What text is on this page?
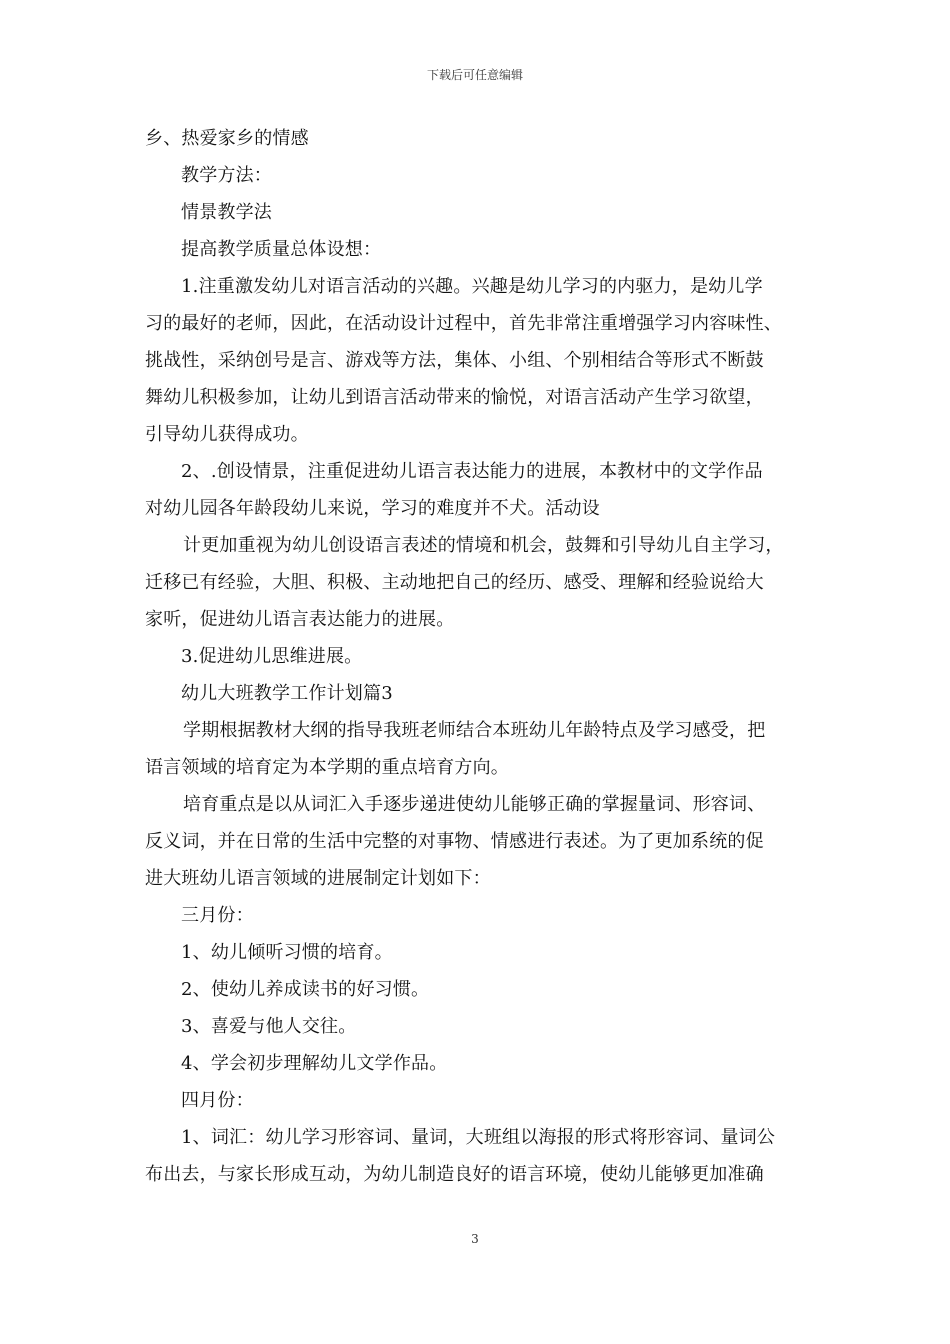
下载后可任意编辑
乡、热爱家乡的情感
教学方法：
情景教学法
提高教学质量总体设想：
1.注重激发幼儿对语言活动的兴趣。兴趣是幼儿学习的内驱力，是幼儿学
习的最好的老师，因此，在活动设计过程中，首先非常注重增强学习内容味性、
挑战性，采纳创号是言、游戏等方法，集体、小组、个别相结合等形式不断鼓
舞幼儿积极参加，让幼儿到语言活动带来的愉悦，对语言活动产生学习欲望，
引导幼儿获得成功。
2、.创设情景，注重促进幼儿语言表达能力的进展，本教材中的文学作品
对幼儿园各年龄段幼儿来说，学习的难度并不犬。活动设
计更加重视为幼儿创设语言表述的情境和机会，鼓舞和引导幼儿自主学习，
迁移已有经验，大胆、积极、主动地把自己的经历、感受、理解和经验说给大
家听，促进幼儿语言表达能力的进展。
3.促进幼儿思维进展。
幼儿大班教学工作计划篇3
学期根据教材大纲的指导我班老师结合本班幼儿年龄特点及学习感受，把
语言领域的培育定为本学期的重点培育方向。
培育重点是以从词汇入手逐步递进使幼儿能够正确的掌握量词、形容词、
反义词，并在日常的生活中完整的对事物、情感进行表述。为了更加系统的促
进大班幼儿语言领域的进展制定计划如下：
三月份：
1、幼儿倾听习惯的培育。
2、使幼儿养成读书的好习惯。
3、喜爱与他人交往。
4、学会初步理解幼儿文学作品。
四月份：
1、词汇：幼儿学习形容词、量词，大班组以海报的形式将形容词、量词公
布出去，与家长形成互动，为幼儿制造良好的语言环境，使幼儿能够更加准确
3
